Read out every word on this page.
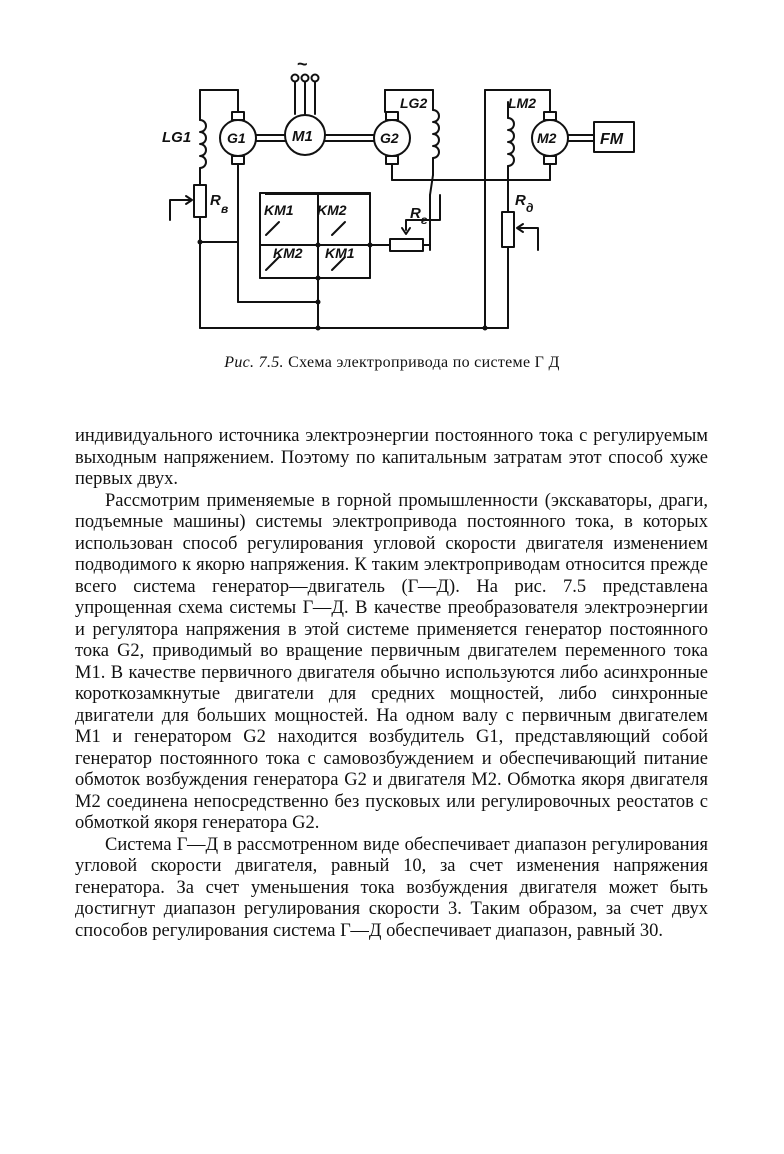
~
LG1	G1	M1	G2
LG2	LM2
M2	FM
R в	KM1 KM2
KM2 KM1
R г
R д
Рис. 7.5. Схема электропривода по системе Г Д

индивидуального источника электроэнергии постоянного тока с регулируемым выходным напряжением. Поэтому по капитальным затратам этот способ хуже первых двух.

Рассмотрим применяемые в горной промышленности (экскаваторы, драги, подъемные машины) системы электропривода постоянного тока, в которых использован способ регулирования угловой скорости двигателя изменением подводимого к якорю напряжения. К таким электроприводам относится прежде всего система генератор—двигатель (Г—Д). На рис. 7.5 представлена упрощенная схема системы Г—Д. В качестве преобразователя электроэнергии и регулятора напряжения в этой системе применяется генератор постоянного тока G2, приводимый во вращение первичным двигателем переменного тока M1. В качестве первичного двигателя обычно используются либо асинхронные короткозамкнутые двигатели для средних мощностей, либо синхронные двигатели для больших мощностей. На одном валу с первичным двигателем M1 и генератором G2 находится возбудитель G1, представляющий собой генератор постоянного тока с самовозбуждением и обеспечивающий питание обмоток возбуждения генератора G2 и двигателя M2. Обмотка якоря двигателя M2 соединена непосредственно без пусковых или регулировочных реостатов с обмоткой якоря генератора G2.

Система Г—Д в рассмотренном виде обеспечивает диапазон регулирования угловой скорости двигателя, равный 10, за счет изменения напряжения генератора. За счет уменьшения тока возбуждения двигателя может быть достигнут диапазон регулирования скорости 3. Таким образом, за счет двух способов регулирования система Г—Д обеспечивает диапазон, равный 30.
